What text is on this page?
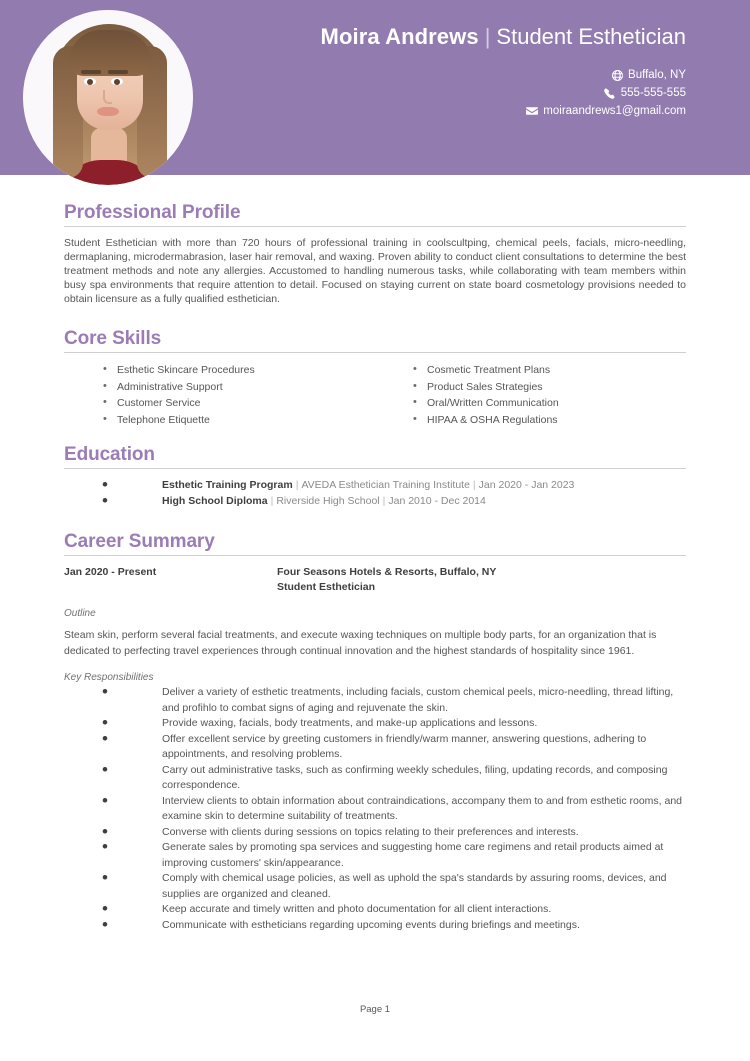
Moira Andrews | Student Esthetician
Buffalo, NY
555-555-555
moiraandrews1@gmail.com
Professional Profile
Student Esthetician with more than 720 hours of professional training in coolscultping, chemical peels, facials, micro-needling, dermaplaning, microdermabrasion, laser hair removal, and waxing. Proven ability to conduct client consultations to determine the best treatment methods and note any allergies. Accustomed to handling numerous tasks, while collaborating with team members within busy spa environments that require attention to detail. Focused on staying current on state board cosmetology provisions needed to obtain licensure as a fully qualified esthetician.
Core Skills
• Esthetic Skincare Procedures
• Administrative Support
• Customer Service
• Telephone Etiquette
• Cosmetic Treatment Plans
• Product Sales Strategies
• Oral/Written Communication
• HIPAA & OSHA Regulations
Education
• Esthetic Training Program | AVEDA Esthetician Training Institute | Jan 2020 - Jan 2023
• High School Diploma | Riverside High School | Jan 2010 - Dec 2014
Career Summary
Jan 2020 - Present	Four Seasons Hotels & Resorts, Buffalo, NY
Student Esthetician
Outline
Steam skin, perform several facial treatments, and execute waxing techniques on multiple body parts, for an organization that is dedicated to perfecting travel experiences through continual innovation and the highest standards of hospitality since 1961.
Key Responsibilities
• Deliver a variety of esthetic treatments, including facials, custom chemical peels, micro-needling, thread lifting, and profihlo to combat signs of aging and rejuvenate the skin.
• Provide waxing, facials, body treatments, and make-up applications and lessons.
• Offer excellent service by greeting customers in friendly/warm manner, answering questions, adhering to appointments, and resolving problems.
• Carry out administrative tasks, such as confirming weekly schedules, filing, updating records, and composing correspondence.
• Interview clients to obtain information about contraindications, accompany them to and from esthetic rooms, and examine skin to determine suitability of treatments.
• Converse with clients during sessions on topics relating to their preferences and interests.
• Generate sales by promoting spa services and suggesting home care regimens and retail products aimed at improving customers' skin/appearance.
• Comply with chemical usage policies, as well as uphold the spa's standards by assuring rooms, devices, and supplies are organized and cleaned.
• Keep accurate and timely written and photo documentation for all client interactions.
• Communicate with estheticians regarding upcoming events during briefings and meetings.
Page 1
